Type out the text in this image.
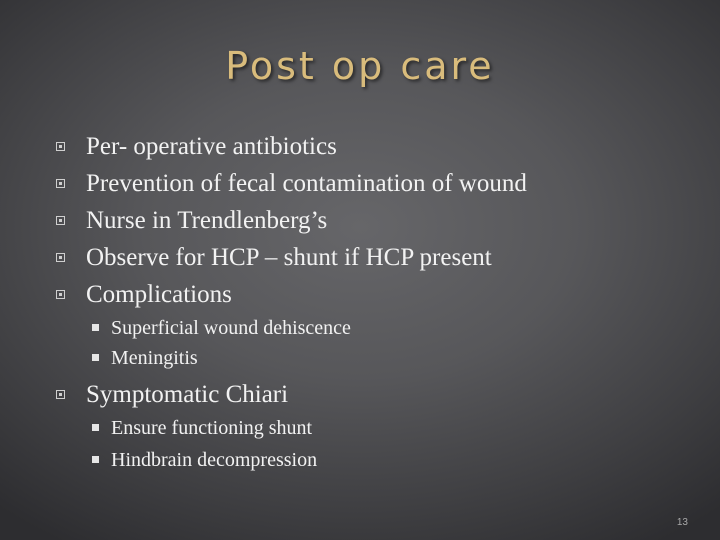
Post op care
Per- operative antibiotics
Prevention of fecal contamination of wound
Nurse in Trendlenberg’s
Observe for HCP – shunt if HCP present
Complications
Superficial wound dehiscence
Meningitis
Symptomatic Chiari
Ensure functioning shunt
Hindbrain decompression
13
